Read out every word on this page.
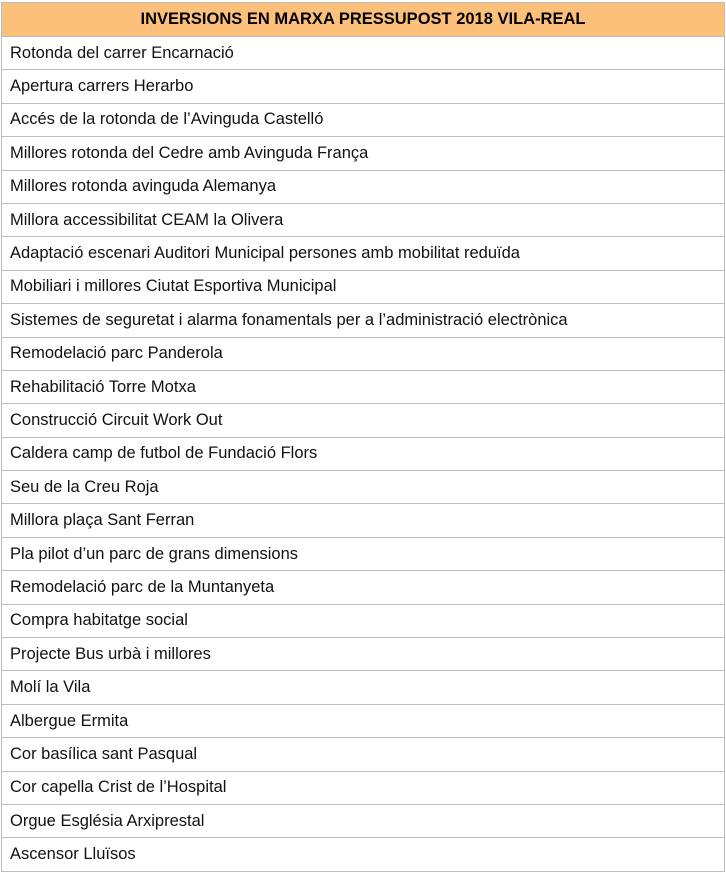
INVERSIONS EN MARXA PRESSUPOST 2018 VILA-REAL
Rotonda del carrer Encarnació
Apertura carrers Herarbo
Accés de la rotonda de l’Avinguda Castelló
Millores rotonda del Cedre amb Avinguda França
Millores rotonda avinguda Alemanya
Millora accessibilitat CEAM la Olivera
Adaptació escenari Auditori Municipal persones amb mobilitat reduïda
Mobiliari i millores Ciutat Esportiva Municipal
Sistemes de seguretat i alarma fonamentals per a l’administració electrònica
Remodelació parc Panderola
Rehabilitació Torre Motxa
Construcció Circuit Work Out
Caldera camp de futbol de Fundació Flors
Seu de la Creu Roja
Millora plaça Sant Ferran
Pla pilot d’un parc de grans dimensions
Remodelació parc de la Muntanyeta
Compra habitatge social
Projecte Bus urbà i millores
Molí la Vila
Albergue Ermita
Cor basílica sant Pasqual
Cor capella Crist de l’Hospital
Orgue Església Arxiprestal
Ascensor Lluïsos
